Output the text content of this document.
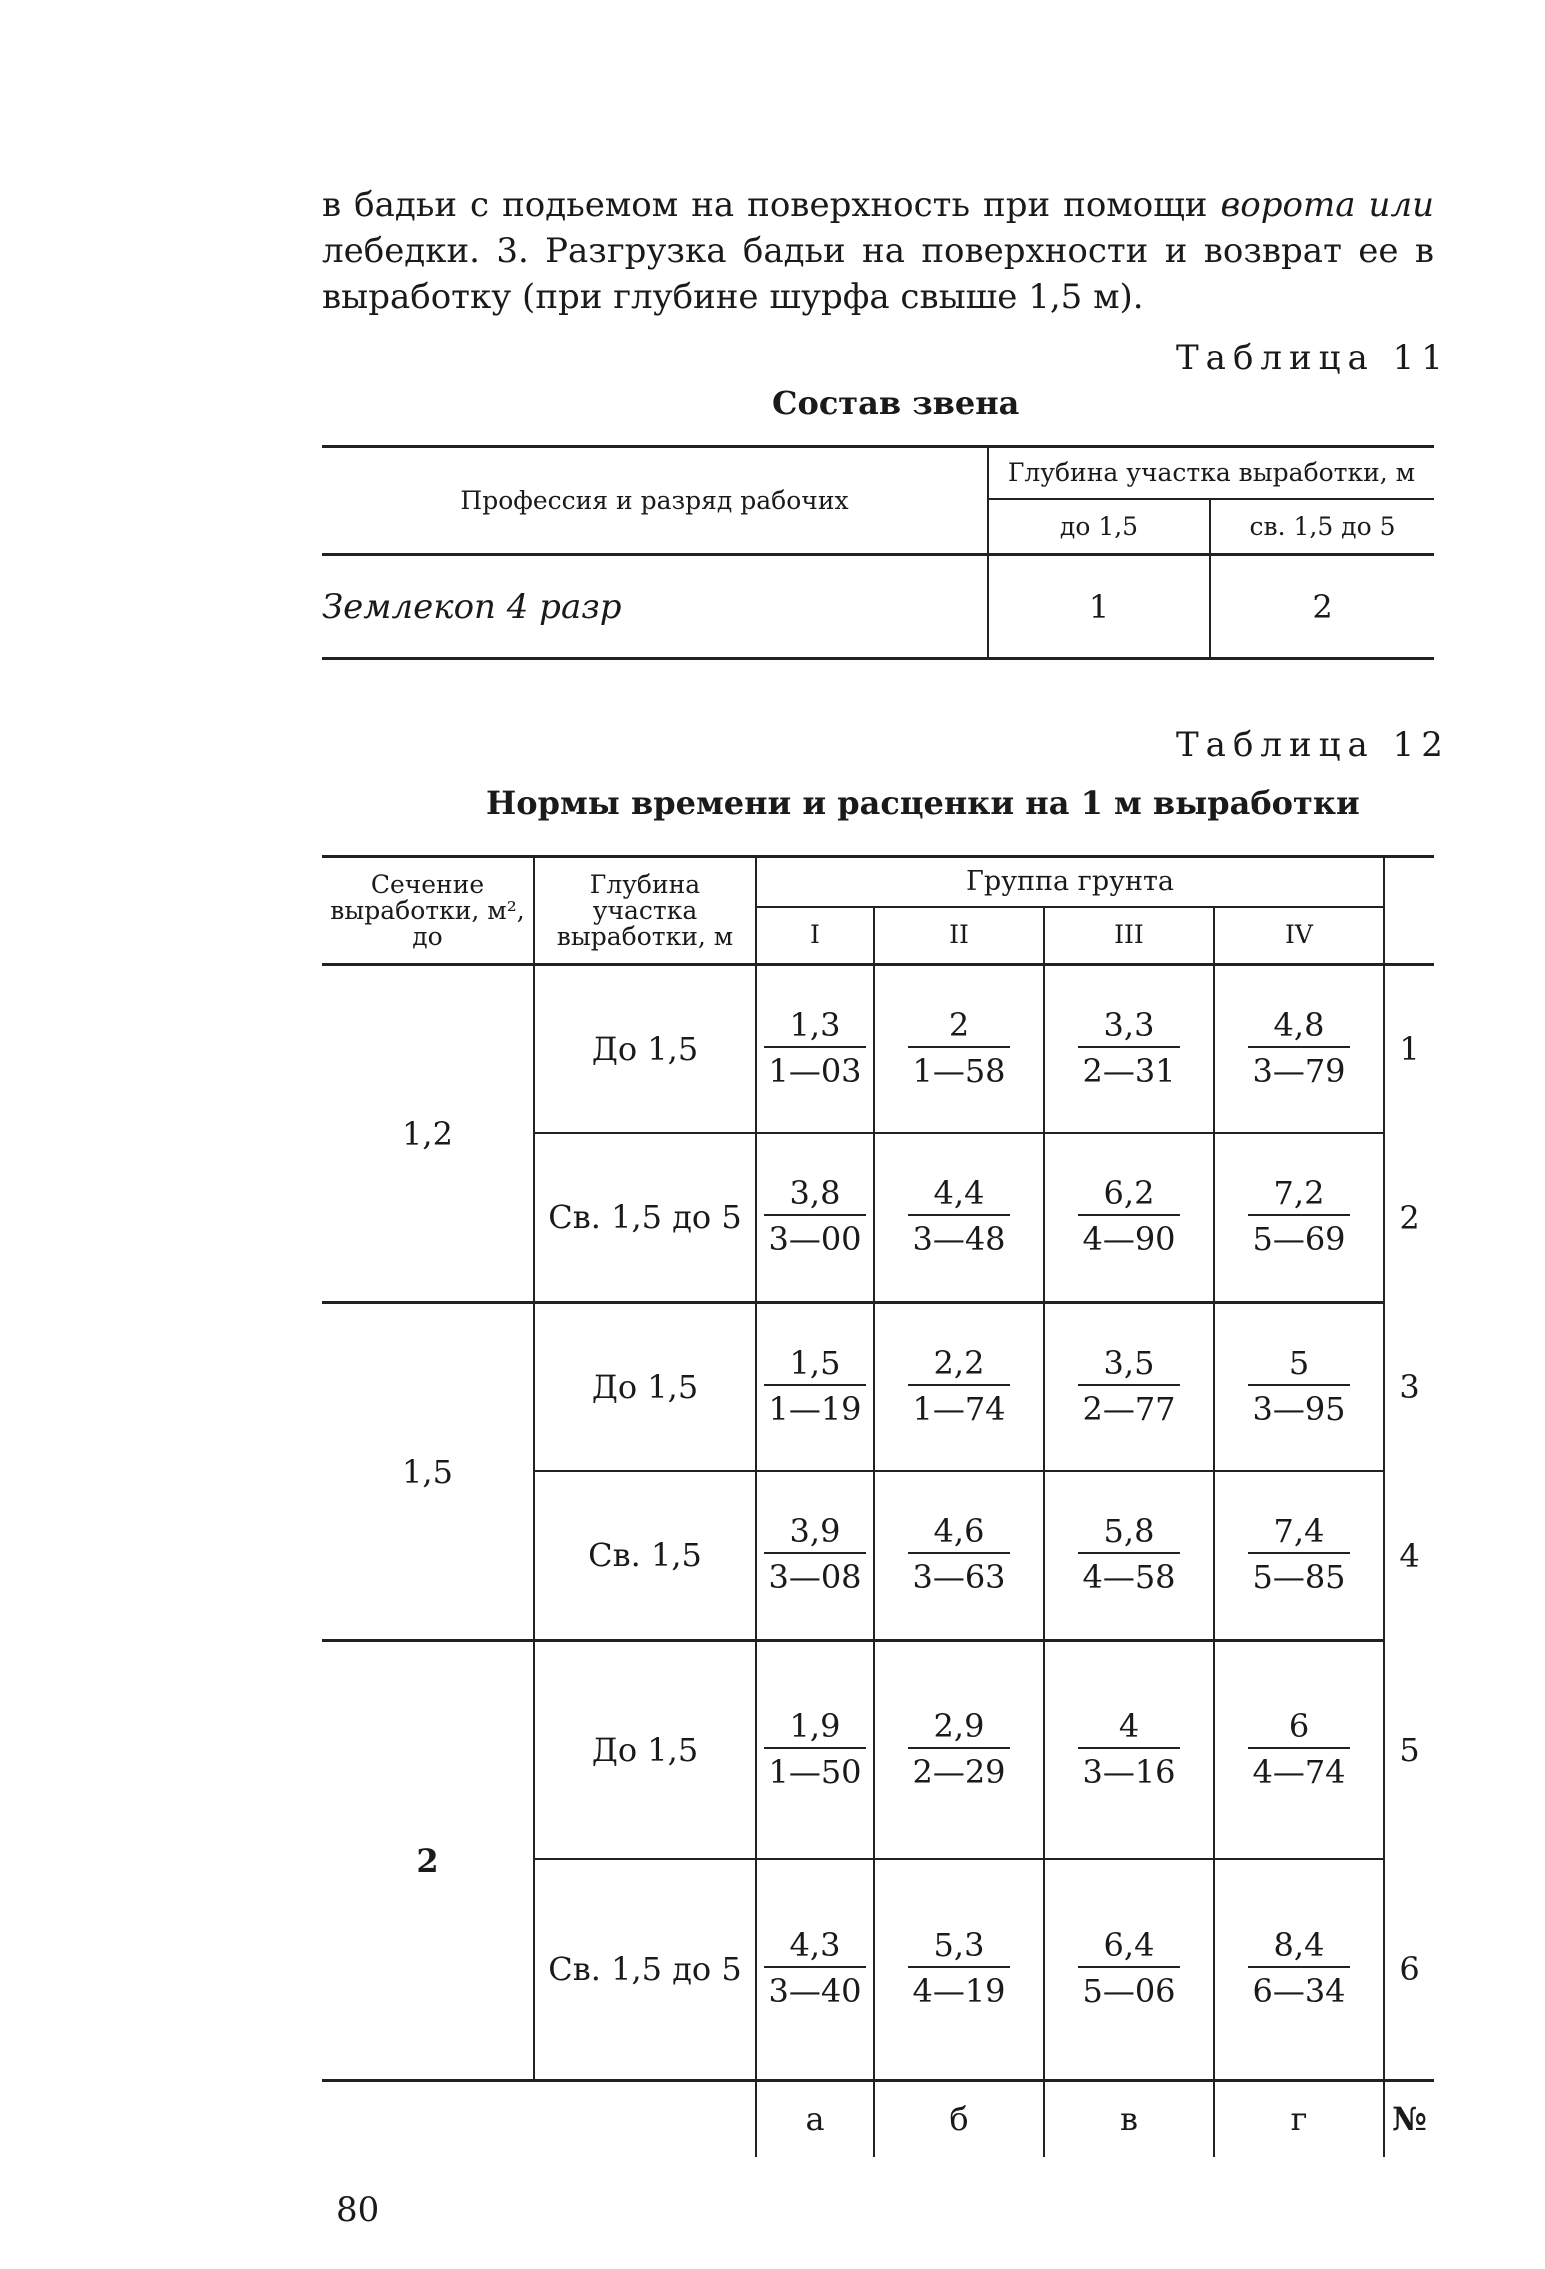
в бадьи с подьемом на поверхность при помощи ворота или лебедки. 3. Разгрузка бадьи на поверхности и возврат ее в выработку (при глубине шурфа свыше 1,5 м).
Таблица 11
Состав звена
Профессия и разряд рабочих	Глубина участка выработки, м	
	до 1,5	св. 1,5 до 5
Землекоп 4 разр	1	2
Таблица 12
Нормы времени и расценки на 1 м выработки
Сечение выработки, м², до	Глубина участка выработки, м	Группа грунта				
		I	II	III	IV	
1,2	До 1,5	$\frac{1,3}{1—03}$	$\frac{2}{1—58}$	$\frac{3,3}{2—31}$	$\frac{4,8}{3—79}$	1
	Св. 1,5 до 5	$\frac{3,8}{3—00}$	$\frac{4,4}{3—48}$	$\frac{6,2}{4—90}$	$\frac{7,2}{5—69}$	2
1,5	До 1,5	$\frac{1,5}{1—19}$	$\frac{2,2}{1—74}$	$\frac{3,5}{2—77}$	$\frac{5}{3—95}$	3
	Св. 1,5	$\frac{3,9}{3—08}$	$\frac{4,6}{3—63}$	$\frac{5,8}{4—58}$	$\frac{7,4}{5—85}$	4
2	До 1,5	$\frac{1,9}{1—50}$	$\frac{2,9}{2—29}$	$\frac{4}{3—16}$	$\frac{6}{4—74}$	5
	Св. 1,5 до 5	$\frac{4,3}{3—40}$	$\frac{5,3}{4—19}$	$\frac{6,4}{5—06}$	$\frac{8,4}{6—34}$	6
		а	б	в	г	№
80
